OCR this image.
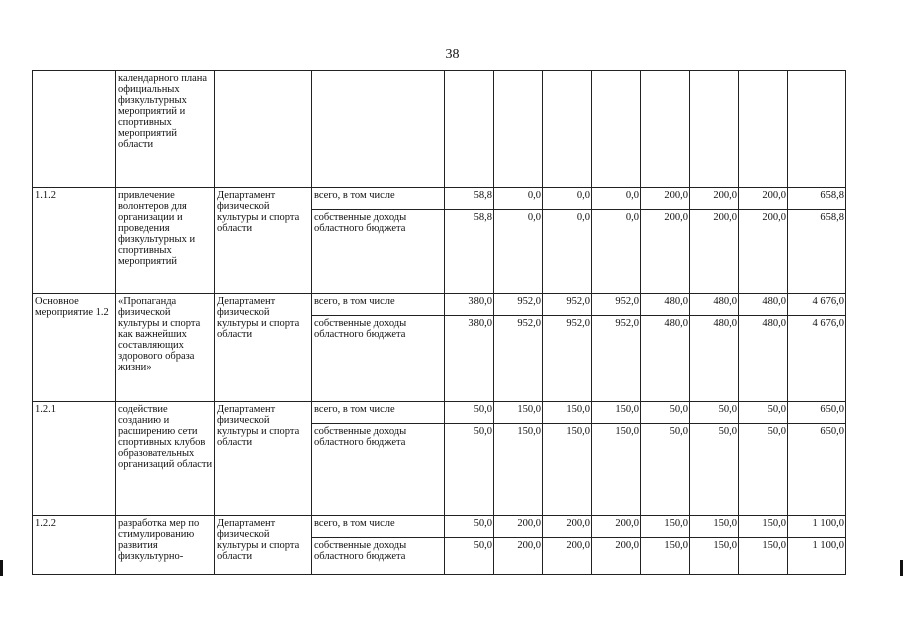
38
	календарного плана официальных физкультурных мероприятий и спортивных мероприятий области										
1.1.2	привлечение волонтеров для организации и проведения физкультурных и спортивных мероприятий	Департамент физической культуры и спорта области	всего, в том числе	58,8	0,0	0,0	0,0	200,0	200,0	200,0	658,8
			собственные доходы областного бюджета	58,8	0,0	0,0	0,0	200,0	200,0	200,0	658,8
Основное мероприятие 1.2	«Пропаганда физической культуры и спорта как важнейших составляющих здорового образа жизни»	Департамент физической культуры и спорта области	всего, в том числе	380,0	952,0	952,0	952,0	480,0	480,0	480,0	4 676,0
			собственные доходы областного бюджета	380,0	952,0	952,0	952,0	480,0	480,0	480,0	4 676,0
1.2.1	содействие созданию и расширению сети спортивных клубов образовательных организаций области	Департамент физической культуры и спорта области	всего, в том числе	50,0	150,0	150,0	150,0	50,0	50,0	50,0	650,0
			собственные доходы областного бюджета	50,0	150,0	150,0	150,0	50,0	50,0	50,0	650,0
1.2.2	разработка мер по стимулированию развития физкультурно-	Департамент физической культуры и спорта области	всего, в том числе	50,0	200,0	200,0	200,0	150,0	150,0	150,0	1 100,0
			собственные доходы областного бюджета	50,0	200,0	200,0	200,0	150,0	150,0	150,0	1 100,0
